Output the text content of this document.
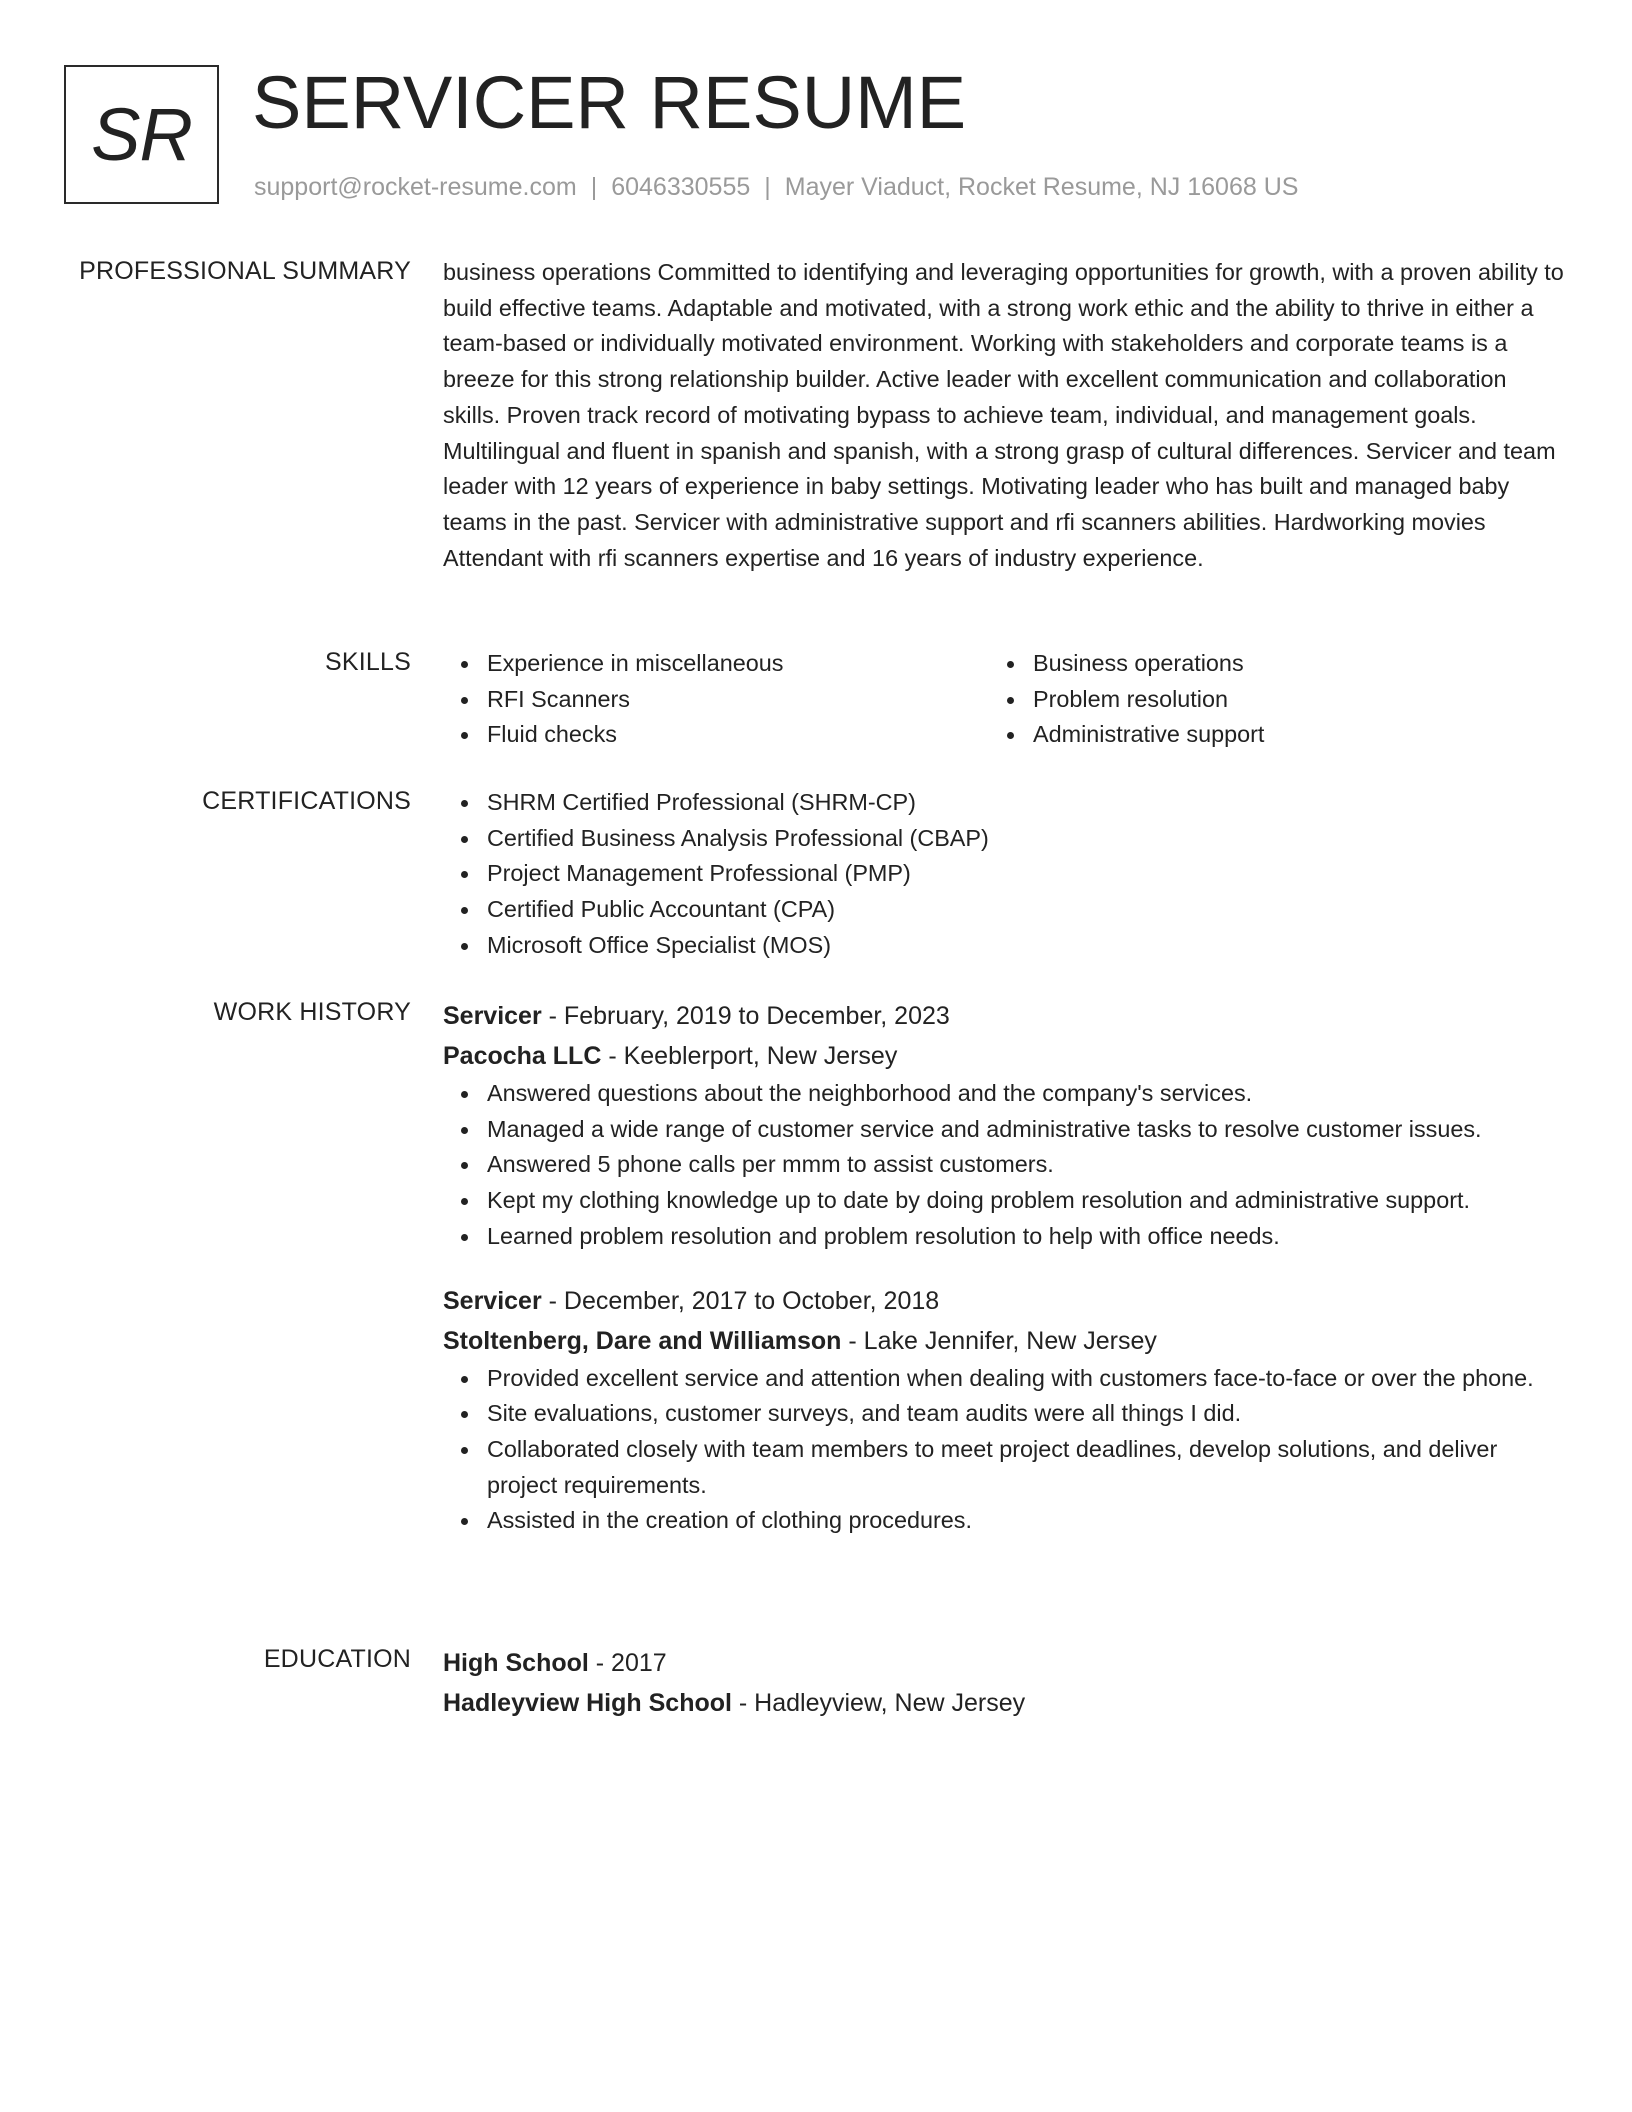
SR SERVICER RESUME
support@rocket-resume.com | 6046330555 | Mayer Viaduct, Rocket Resume, NJ 16068 US
PROFESSIONAL SUMMARY business operations Committed to identifying and leveraging opportunities for growth, with a proven ability to build effective teams. Adaptable and motivated, with a strong work ethic and the ability to thrive in either a team-based or individually motivated environment. Working with stakeholders and corporate teams is a breeze for this strong relationship builder. Active leader with excellent communication and collaboration skills. Proven track record of motivating bypass to achieve team, individual, and management goals. Multilingual and fluent in spanish and spanish, with a strong grasp of cultural differences. Servicer and team leader with 12 years of experience in baby settings. Motivating leader who has built and managed baby teams in the past. Servicer with administrative support and rfi scanners abilities. Hardworking movies Attendant with rfi scanners expertise and 16 years of industry experience.

SKILLS	Experience in miscellaneous
RFI Scanners
Fluid checks
Business operations
Problem resolution
Administrative support
CERTIFICATIONS	SHRM Certified Professional (SHRM-CP)
Certified Business Analysis Professional (CBAP)
Project Management Professional (PMP)
Certified Public Accountant (CPA)
Microsoft Office Specialist (MOS)
WORK HISTORY Servicer - February, 2019 to December, 2023
Pacocha LLC - Keeblerport, New Jersey
Answered questions about the neighborhood and the company's services.
Managed a wide range of customer service and administrative tasks to resolve customer issues.
Answered 5 phone calls per mmm to assist customers.
Kept my clothing knowledge up to date by doing problem resolution and administrative support.
Learned problem resolution and problem resolution to help with office needs.
Servicer - December, 2017 to October, 2018
Stoltenberg, Dare and Williamson - Lake Jennifer, New Jersey
Provided excellent service and attention when dealing with customers face-to-face or over the phone.
Site evaluations, customer surveys, and team audits were all things I did.
Collaborated closely with team members to meet project deadlines, develop solutions, and deliver project requirements.
Assisted in the creation of clothing procedures.
EDUCATION High School - 2017
Hadleyview High School - Hadleyview, New Jersey
